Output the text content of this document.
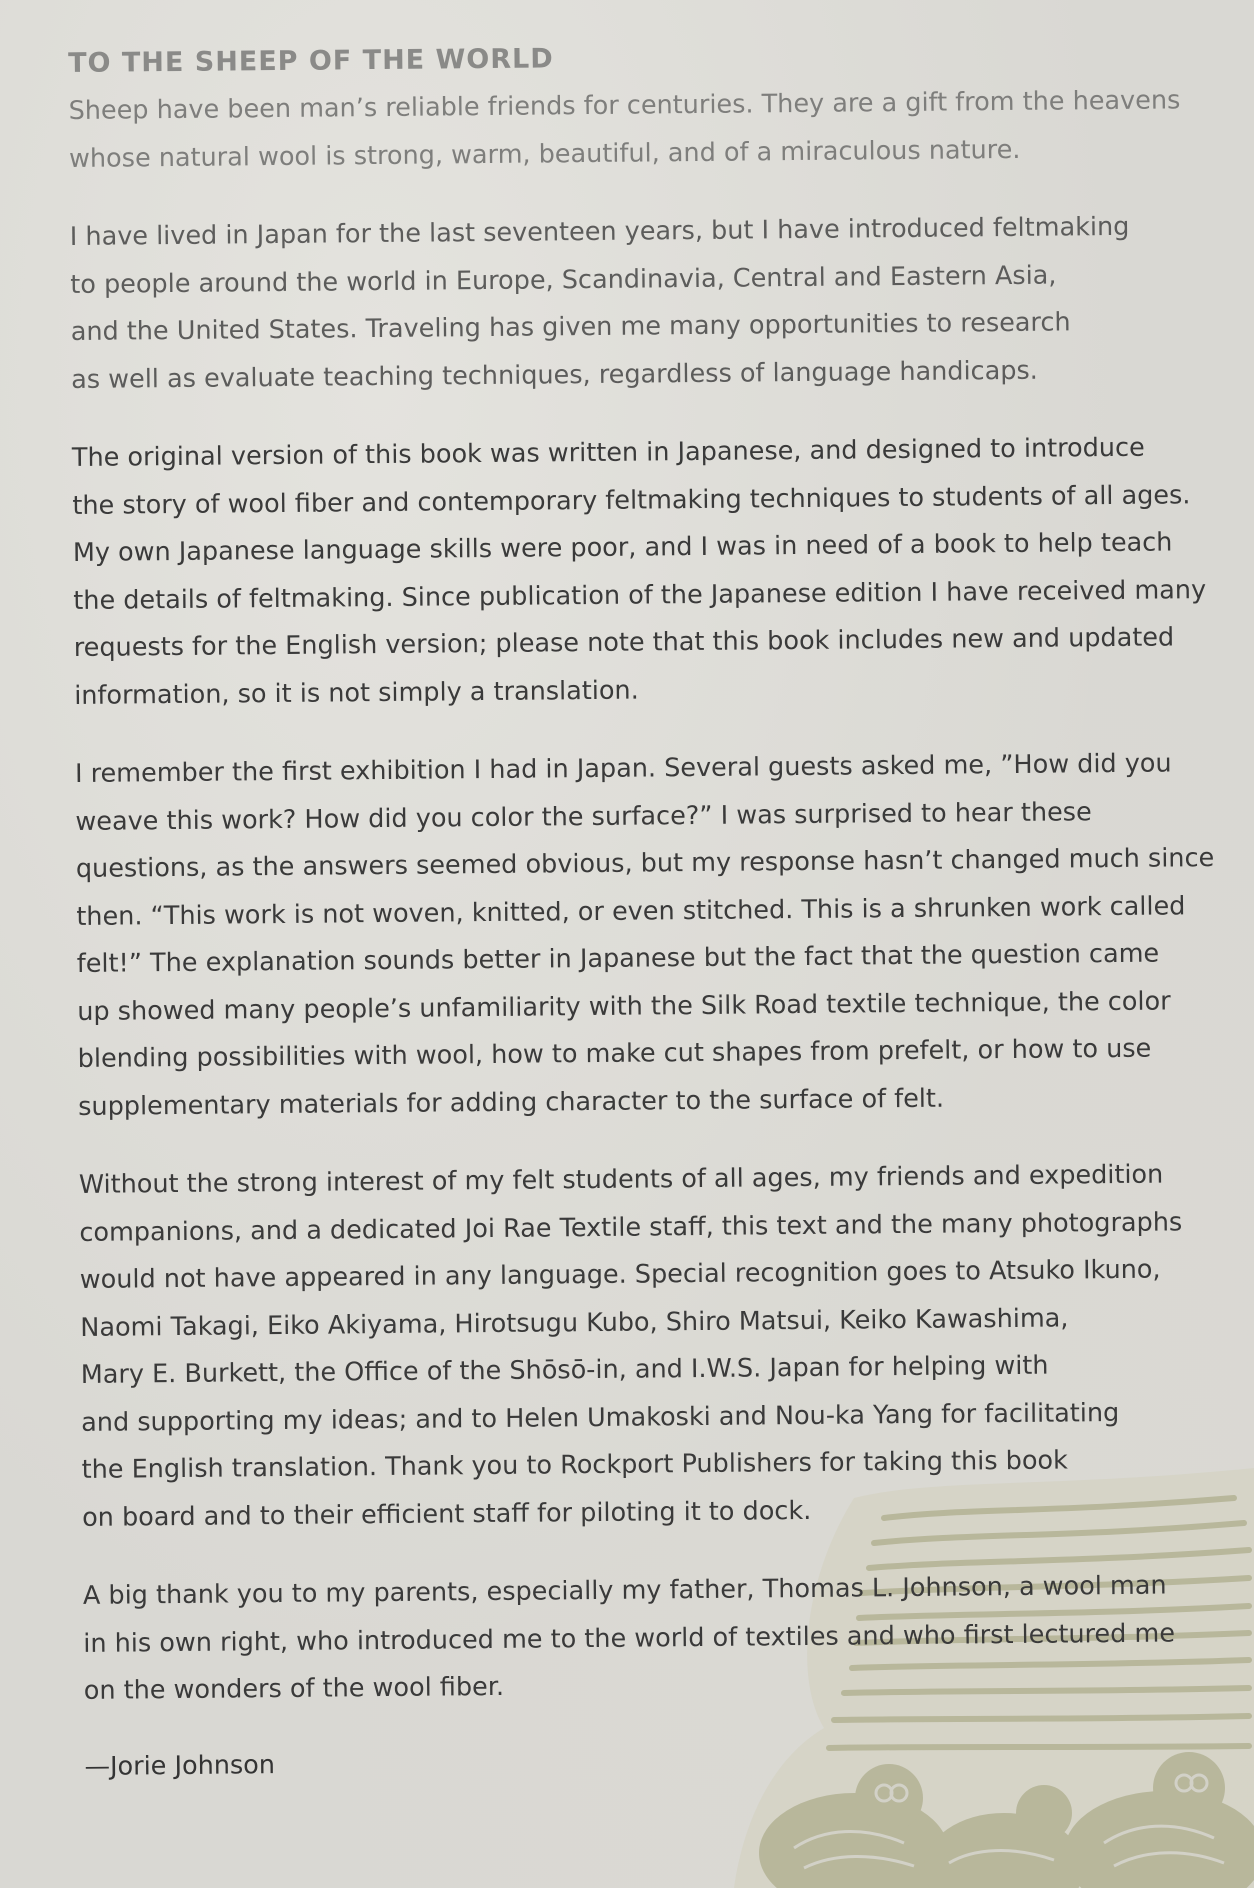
TO THE SHEEP OF THE WORLD

Sheep have been man’s reliable friends for centuries. They are a gift from the heavens
whose natural wool is strong, warm, beautiful, and of a miraculous nature.

I have lived in Japan for the last seventeen years, but I have introduced feltmaking
to people around the world in Europe, Scandinavia, Central and Eastern Asia,
and the United States. Traveling has given me many opportunities to research
as well as evaluate teaching techniques, regardless of language handicaps.

The original version of this book was written in Japanese, and designed to introduce
the story of wool fiber and contemporary feltmaking techniques to students of all ages.
My own Japanese language skills were poor, and I was in need of a book to help teach
the details of feltmaking. Since publication of the Japanese edition I have received many
requests for the English version; please note that this book includes new and updated
information, so it is not simply a translation.

I remember the first exhibition I had in Japan. Several guests asked me, ”How did you
weave this work? How did you color the surface?” I was surprised to hear these
questions, as the answers seemed obvious, but my response hasn’t changed much since
then. “This work is not woven, knitted, or even stitched. This is a shrunken work called
felt!” The explanation sounds better in Japanese but the fact that the question came
up showed many people’s unfamiliarity with the Silk Road textile technique, the color
blending possibilities with wool, how to make cut shapes from prefelt, or how to use
supplementary materials for adding character to the surface of felt.

Without the strong interest of my felt students of all ages, my friends and expedition
companions, and a dedicated Joi Rae Textile staff, this text and the many photographs
would not have appeared in any language. Special recognition goes to Atsuko Ikuno,
Naomi Takagi, Eiko Akiyama, Hirotsugu Kubo, Shiro Matsui, Keiko Kawashima,
Mary E. Burkett, the Office of the Shōsō-in, and I.W.S. Japan for helping with
and supporting my ideas; and to Helen Umakoski and Nou-ka Yang for facilitating
the English translation. Thank you to Rockport Publishers for taking this book
on board and to their efficient staff for piloting it to dock.

A big thank you to my parents, especially my father, Thomas L. Johnson, a wool man
in his own right, who introduced me to the world of textiles and who first lectured me
on the wonders of the wool fiber.

—Jorie Johnson
